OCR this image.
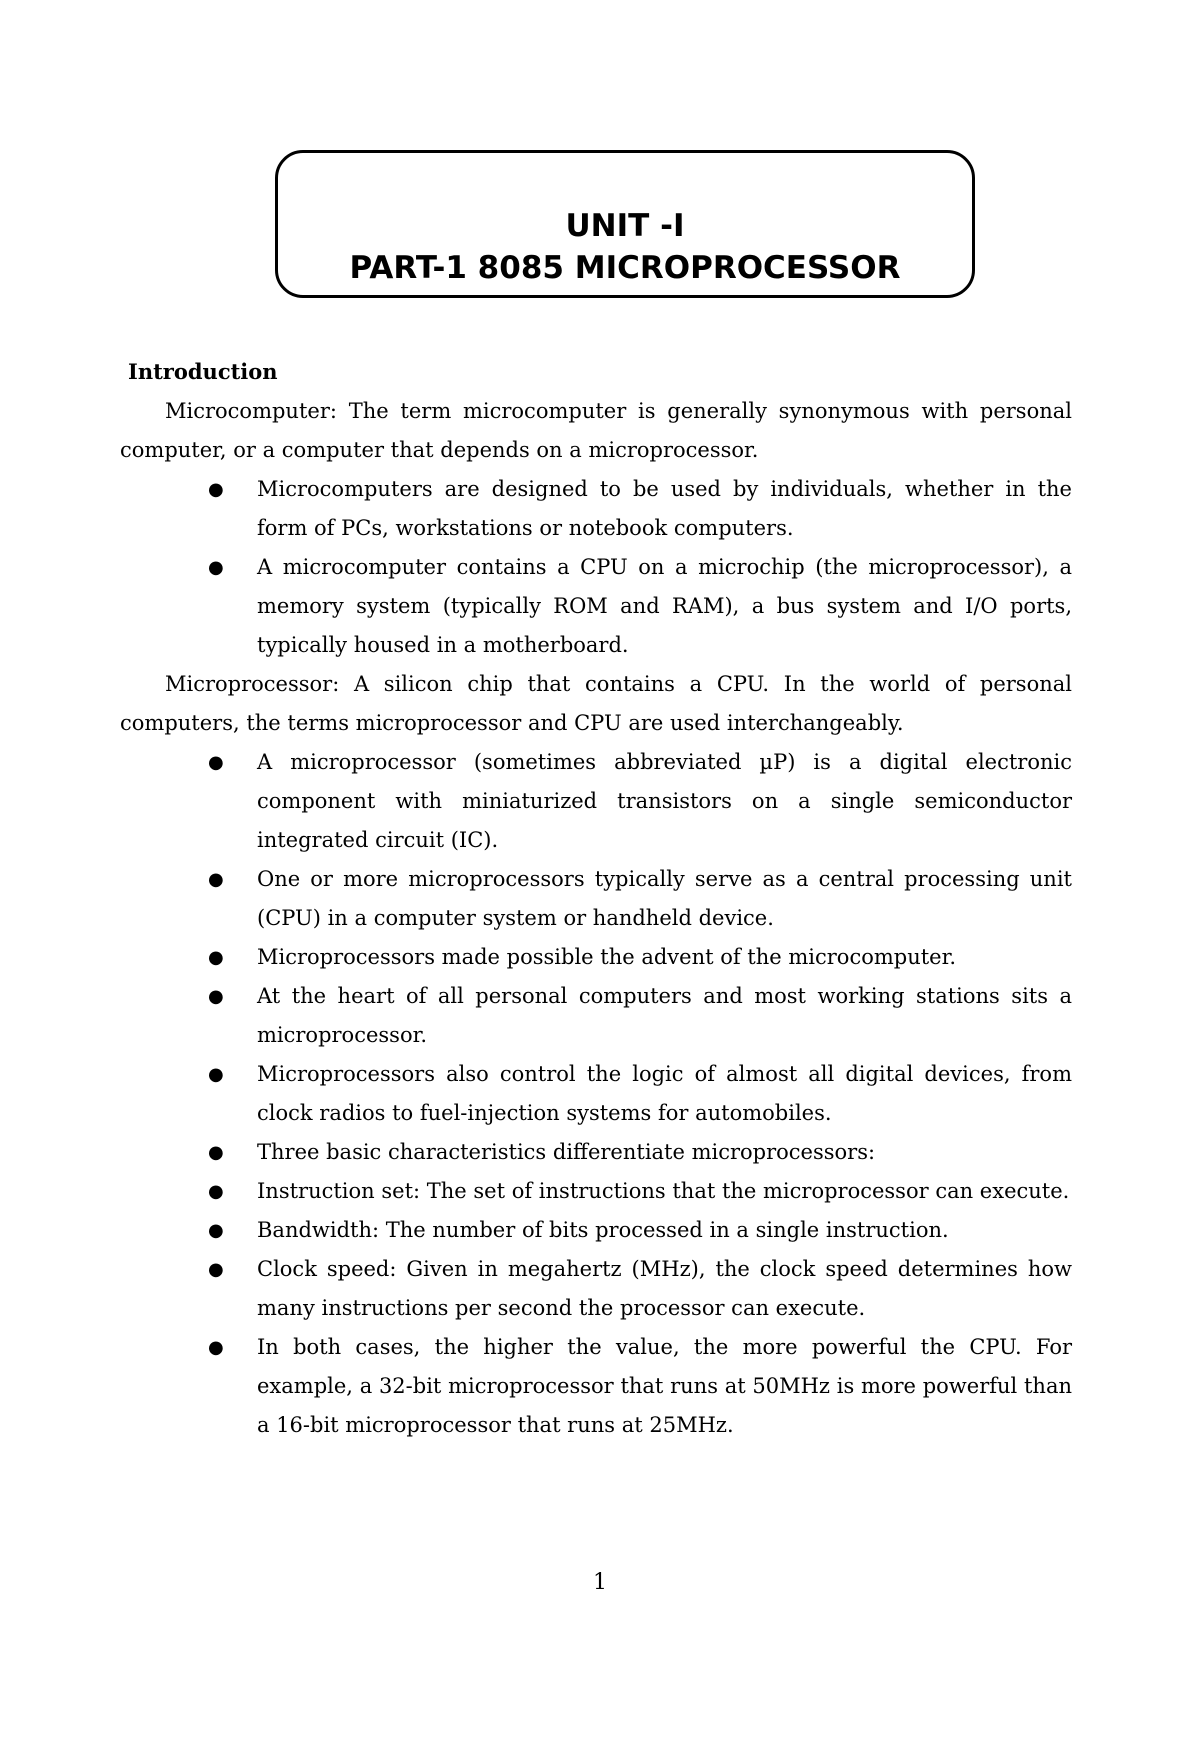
UNIT -I
PART-1 8085 MICROPROCESSOR

Introduction

Microcomputer: The term microcomputer is generally synonymous with personal computer, or a computer that depends on a microprocessor.

● Microcomputers are designed to be used by individuals, whether in the form of PCs, workstations or notebook computers.
● A microcomputer contains a CPU on a microchip (the microprocessor), a memory system (typically ROM and RAM), a bus system and I/O ports, typically housed in a motherboard.

Microprocessor: A silicon chip that contains a CPU. In the world of personal computers, the terms microprocessor and CPU are used interchangeably.

● A microprocessor (sometimes abbreviated µP) is a digital electronic component with miniaturized transistors on a single semiconductor integrated circuit (IC).
● One or more microprocessors typically serve as a central processing unit (CPU) in a computer system or handheld device.
● Microprocessors made possible the advent of the microcomputer.
● At the heart of all personal computers and most working stations sits a microprocessor.
● Microprocessors also control the logic of almost all digital devices, from clock radios to fuel-injection systems for automobiles.
● Three basic characteristics differentiate microprocessors:
● Instruction set: The set of instructions that the microprocessor can execute.
● Bandwidth: The number of bits processed in a single instruction.
● Clock speed: Given in megahertz (MHz), the clock speed determines how many instructions per second the processor can execute.
● In both cases, the higher the value, the more powerful the CPU. For example, a 32-bit microprocessor that runs at 50MHz is more powerful than a 16-bit microprocessor that runs at 25MHz.
1
